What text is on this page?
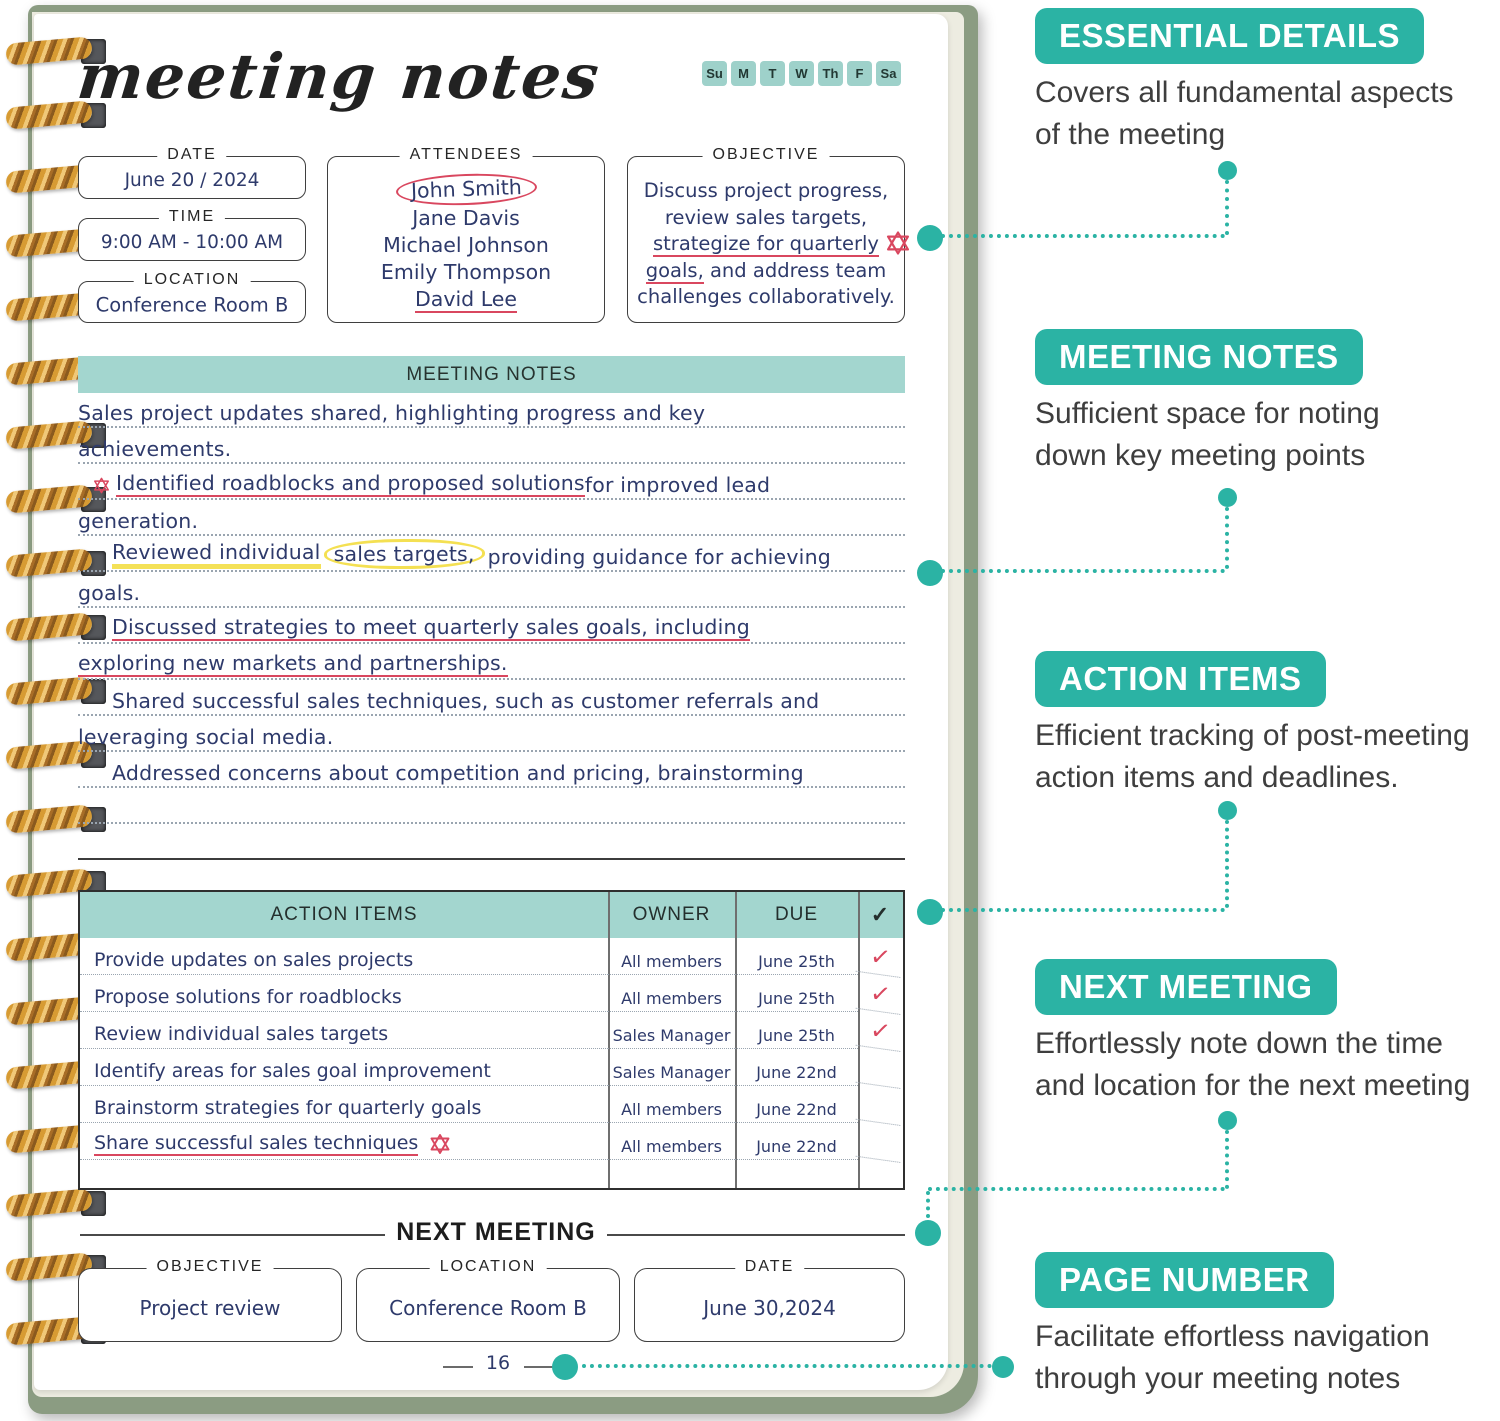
meeting notes	Su	M	T	W	Th	F	Sa
DATE
June 20 / 2024
TIME
9:00 AM - 10:00 AM
LOCATION
Conference Room B
ATTENDEES
John Smith
Jane Davis
Michael Johnson
Emily Thompson
David Lee
OBJECTIVE
Discuss project progress,
review sales targets,
strategize for quarterly
goals, and address team
challenges collaboratively.
MEETING NOTES
Sales project updates shared, highlighting progress and key
achievements.
Identified roadblocks and proposed solutions for improved lead
generation.
Reviewed individual sales targets, providing guidance for achieving
goals.
Discussed strategies to meet quarterly sales goals, including
exploring new markets and partnerships.
Shared successful sales techniques, such as customer referrals and
leveraging social media.
Addressed concerns about competition and pricing, brainstorming
ACTION ITEMS	OWNER	DUE	✓
Provide updates on sales projects	All members	June 25th	✓
Propose solutions for roadblocks	All members	June 25th	✓
Review individual sales targets	Sales Manager	June 25th	✓
Identify areas for sales goal improvement	Sales Manager	June 22nd
Brainstorm strategies for quarterly goals	All members	June 22nd
Share successful sales techniques	All members	June 22nd
NEXT MEETING
OBJECTIVE
Project review
LOCATION
Conference Room B
DATE
June 30,2024
16
ESSENTIAL DETAILS
Covers all fundamental aspects
of the meeting
MEETING NOTES
Sufficient space for noting
down key meeting points
ACTION ITEMS
Efficient tracking of post-meeting
action items and deadlines.
NEXT MEETING
Effortlessly note down the time
and location for the next meeting
PAGE NUMBER
Facilitate effortless navigation
through your meeting notes
